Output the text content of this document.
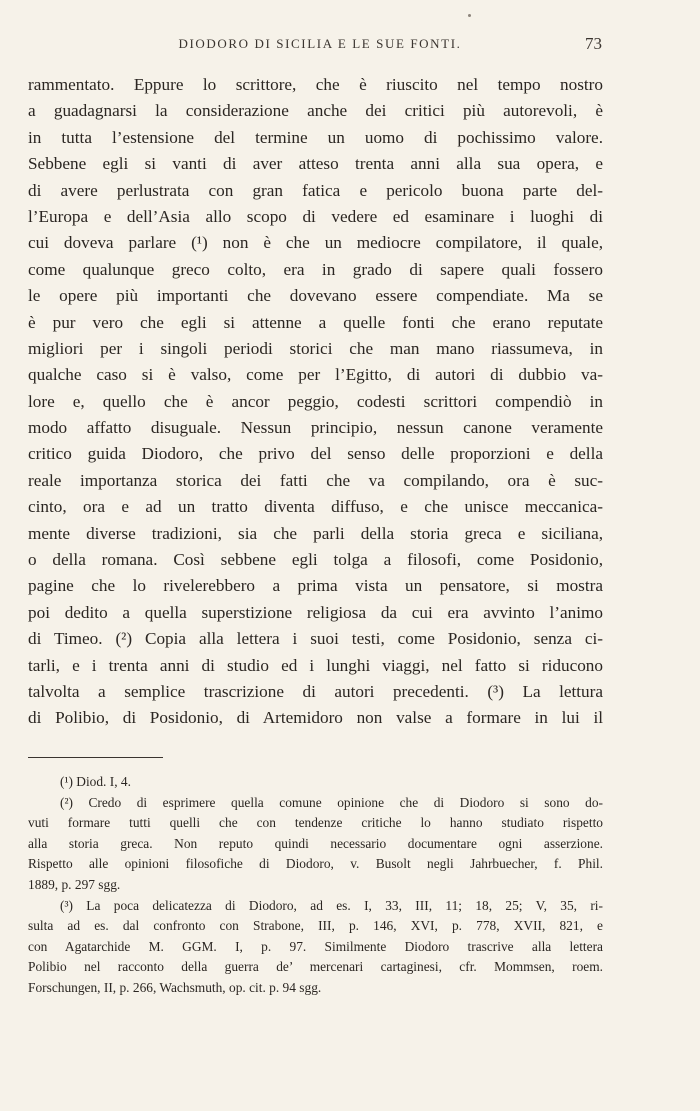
DIODORO DI SICILIA E LE SUE FONTI.	73
rammentato. Eppure lo scrittore, che è riuscito nel tempo nostro
a guadagnarsi la considerazione anche dei critici più autorevoli, è
in tutta l’estensione del termine un uomo di pochissimo valore.
Sebbene egli si vanti di aver atteso trenta anni alla sua opera, e
di avere perlustrata con gran fatica e pericolo buona parte del-
l’Europa e dell’Asia allo scopo di vedere ed esaminare i luoghi di
cui doveva parlare (¹) non è che un mediocre compilatore, il quale,
come qualunque greco colto, era in grado di sapere quali fossero
le opere più importanti che dovevano essere compendiate. Ma se
è pur vero che egli si attenne a quelle fonti che erano reputate
migliori per i singoli periodi storici che man mano riassumeva, in
qualche caso si è valso, come per l’Egitto, di autori di dubbio va-
lore e, quello che è ancor peggio, codesti scrittori compendiò in
modo affatto disuguale. Nessun principio, nessun canone veramente
critico guida Diodoro, che privo del senso delle proporzioni e della
reale importanza storica dei fatti che va compilando, ora è suc-
cinto, ora e ad un tratto diventa diffuso, e che unisce meccanica-
mente diverse tradizioni, sia che parli della storia greca e siciliana,
o della romana. Così sebbene egli tolga a filosofi, come Posidonio,
pagine che lo rivelerebbero a prima vista un pensatore, si mostra
poi dedito a quella superstizione religiosa da cui era avvinto l’animo
di Timeo. (²) Copia alla lettera i suoi testi, come Posidonio, senza ci-
tarli, e i trenta anni di studio ed i lunghi viaggi, nel fatto si riducono
talvolta a semplice trascrizione di autori precedenti. (³) La lettura
di Polibio, di Posidonio, di Artemidoro non valse a formare in lui il
(¹) Diod. I, 4.
(²) Credo di esprimere quella comune opinione che di Diodoro si sono do-
vuti formare tutti quelli che con tendenze critiche lo hanno studiato rispetto
alla storia greca. Non reputo quindi necessario documentare ogni asserzione.
Rispetto alle opinioni filosofiche di Diodoro, v. Busolt negli Jahrbuecher, f. Phil.
1889, p. 297 sgg.
(³) La poca delicatezza di Diodoro, ad es. I, 33, III, 11; 18, 25; V, 35, ri-
sulta ad es. dal confronto con Strabone, III, p. 146, XVI, p. 778, XVII, 821, e
con Agatarchide M. GGM. I, p. 97. Similmente Diodoro trascrive alla lettera
Polibio nel racconto della guerra de’ mercenari cartaginesi, cfr. Mommsen, roem.
Forschungen, II, p. 266, Wachsmuth, op. cit. p. 94 sgg.
